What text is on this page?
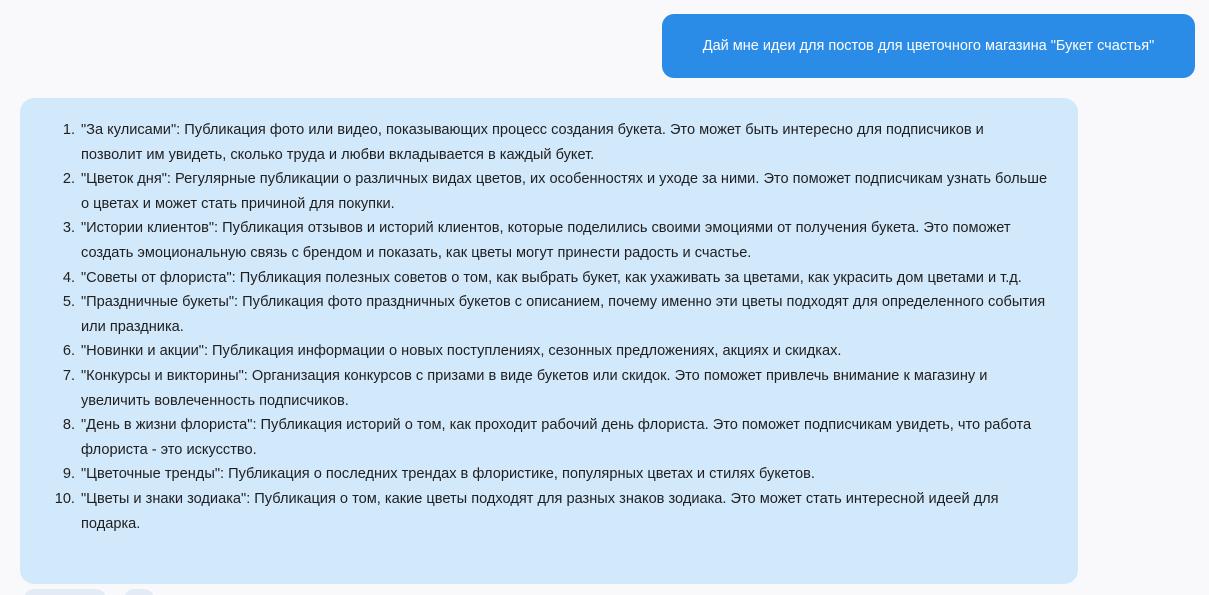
Дай мне идеи для постов для цветочного магазина "Букет счастья"
1. "За кулисами": Публикация фото или видео, показывающих процесс создания букета. Это может быть интересно для подписчиков и позволит им увидеть, сколько труда и любви вкладывается в каждый букет.
2. "Цветок дня": Регулярные публикации о различных видах цветов, их особенностях и уходе за ними. Это поможет подписчикам узнать больше о цветах и может стать причиной для покупки.
3. "Истории клиентов": Публикация отзывов и историй клиентов, которые поделились своими эмоциями от получения букета. Это поможет создать эмоциональную связь с брендом и показать, как цветы могут принести радость и счастье.
4. "Советы от флориста": Публикация полезных советов о том, как выбрать букет, как ухаживать за цветами, как украсить дом цветами и т.д.
5. "Праздничные букеты": Публикация фото праздничных букетов с описанием, почему именно эти цветы подходят для определенного события или праздника.
6. "Новинки и акции": Публикация информации о новых поступлениях, сезонных предложениях, акциях и скидках.
7. "Конкурсы и викторины": Организация конкурсов с призами в виде букетов или скидок. Это поможет привлечь внимание к магазину и увеличить вовлеченность подписчиков.
8. "День в жизни флориста": Публикация историй о том, как проходит рабочий день флориста. Это поможет подписчикам увидеть, что работа флориста - это искусство.
9. "Цветочные тренды": Публикация о последних трендах в флористике, популярных цветах и стилях букетов.
10. "Цветы и знаки зодиака": Публикация о том, какие цветы подходят для разных знаков зодиака. Это может стать интересной идеей для подарка.
